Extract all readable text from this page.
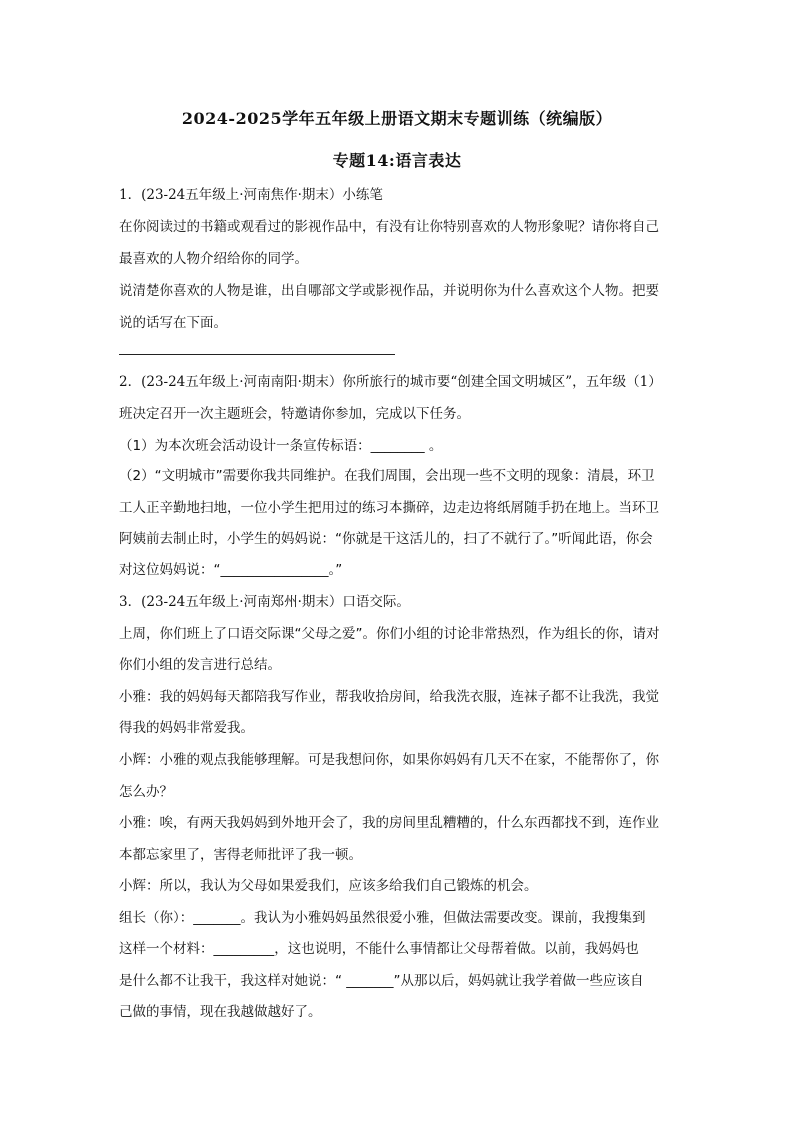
2024-2025学年五年级上册语文期末专题训练（统编版）
专题14:语言表达
1．(23-24五年级上·河南焦作·期末）小练笔
在你阅读过的书籍或观看过的影视作品中，有没有让你特别喜欢的人物形象呢？请你将自己
最喜欢的人物介绍给你的同学。
说清楚你喜欢的人物是谁，出自哪部文学或影视作品，并说明你为什么喜欢这个人物。把要
说的话写在下面。
2．(23-24五年级上·河南南阳·期末）你所旅行的城市要“创建全国文明城区”，五年级（1）
班决定召开一次主题班会，特邀请你参加，完成以下任务。
（1）为本次班会活动设计一条宣传标语：________ 。
（2）“文明城市”需要你我共同维护。在我们周围，会出现一些不文明的现象：清晨，环卫
工人正辛勤地扫地，一位小学生把用过的练习本撕碎，边走边将纸屑随手扔在地上。当环卫
阿姨前去制止时，小学生的妈妈说：“你就是干这活儿的，扫了不就行了。”听闻此语，你会
对这位妈妈说：“________________。”
3．(23-24五年级上·河南郑州·期末）口语交际。
上周，你们班上了口语交际课“父母之爱”。你们小组的讨论非常热烈，作为组长的你，请对
你们小组的发言进行总结。
小雅：我的妈妈每天都陪我写作业，帮我收拾房间，给我洗衣服，连袜子都不让我洗，我觉
得我的妈妈非常爱我。
小辉：小雅的观点我能够理解。可是我想问你，如果你妈妈有几天不在家，不能帮你了，你
怎么办？
小雅：唉，有两天我妈妈到外地开会了，我的房间里乱糟糟的，什么东西都找不到，连作业
本都忘家里了，害得老师批评了我一顿。
小辉：所以，我认为父母如果爱我们，应该多给我们自己锻炼的机会。
组长（你）：_______。我认为小雅妈妈虽然很爱小雅，但做法需要改变。课前，我搜集到
这样一个材料：_________，这也说明，不能什么事情都让父母帮着做。以前，我妈妈也
是什么都不让我干，我这样对她说：“ _______”从那以后，妈妈就让我学着做一些应该自
己做的事情，现在我越做越好了。
